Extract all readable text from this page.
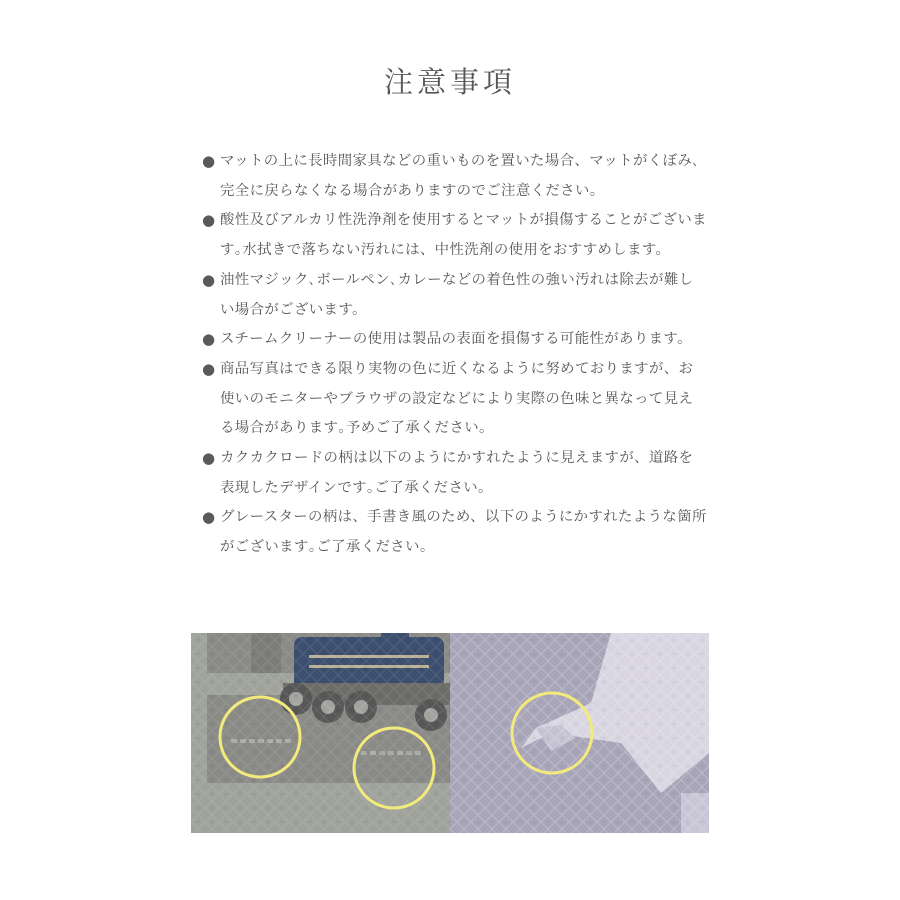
注意事項
● マットの上に長時間家具などの重いものを置いた場合、マットがくぼみ､完全に戻らなくなる場合がありますのでご注意ください。
● 酸性及びアルカリ性洗浄剤を使用するとマットが損傷することがございます｡水拭きで落ちない汚れには、中性洗剤の使用をおすすめします。
● 油性マジック､ボールペン､カレーなどの着色性の強い汚れは除去が難しい場合がございます。
● スチームクリーナーの使用は製品の表面を損傷する可能性があります。
● 商品写真はできる限り実物の色に近くなるように努めておりますが、お使いのモニターやブラウザの設定などにより実際の色味と異なって見える場合があります｡予めご了承ください。
● カクカクロードの柄は以下のようにかすれたように見えますが、道路を表現したデザインです｡ご了承ください。
● グレースターの柄は、手書き風のため、以下のようにかすれたような箇所がございます｡ご了承ください。
